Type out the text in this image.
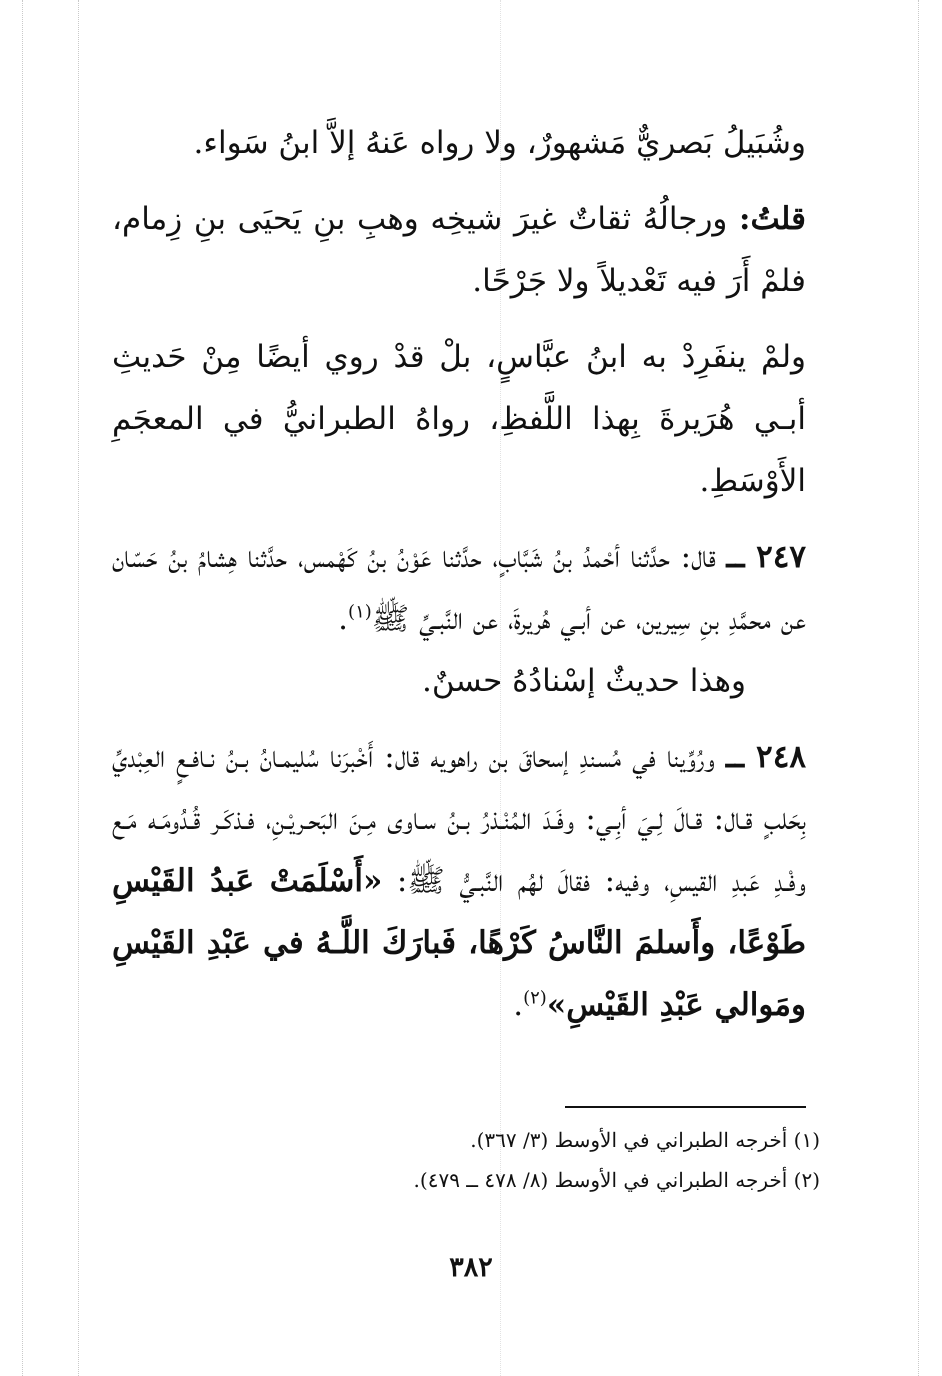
وشُبَيلُ بَصريٌّ مَشهورٌ، ولا رواه عَنهُ إلاَّ ابنُ سَواء.

قلتُ: ورجالُهُ ثقاتٌ غيرَ شيخِه وهبِ بنِ يَحيَى بنِ زِمام، فلمْ أَرَ فيه تَعْديلاً ولا جَرْحًا.

ولمْ ينفَرِدْ به ابنُ عبَّاسٍ، بلْ قدْ روي أيضًا مِنْ حَديثِ أبـي هُرَيرةَ بِهذا اللَّفظِ، رواهُ الطبرانيُّ في المعجَمِ الأَوْسَطِ.

٢٤٧ ــ قال: حدَّثنا أحْمدُ بنُ شَبَّابٍ، حدَّثنا عَوْنُ بنُ كَهْمس، حدَّثنا هِشامُ بنُ حَسّان عن محمَّدِ بنِ سِيرين، عن أبـي هُريرةَ، عن النَّبـيِّ ﷺ$^{(١)}$.

وهذا حديثٌ إسْنادُهُ حسنٌ.

٢٤٨ ــ ورُوِّينا في مُسندِ إسحاقَ بن راهويه قال: أَخْبرَنا سُليمـانُ بـنُ نـافـعٍ العِبْديِّ بِحَلبٍ قـال: قـالَ لِـيَ أبِـي: وفَـدَ المُنْـذرُ بـنُ سـاوى مِـنَ البَحـريْـنِ، فـذكَـر قُـدُومَـه مَـع وفْـدِ عَبدِ القيسِ، وفيه: فقالَ لهُم النَّبـيُّ ﷺ: «أَسْلَمَتْ عَبدُ القَيْسِ طَوْعًا، وأَسلمَ النَّاسُ كَرْهًا، فَبارَكَ اللَّـهُ في عَبْدِ القَيْسِ ومَوالي عَبْدِ القَيْسِ»$^{(٢)}$.

(١) أخرجه الطبراني في الأوسط (٣/ ٣٦٧).

(٢) أخرجه الطبراني في الأوسط (٨/ ٤٧٨ ــ ٤٧٩).

٣٨٢
